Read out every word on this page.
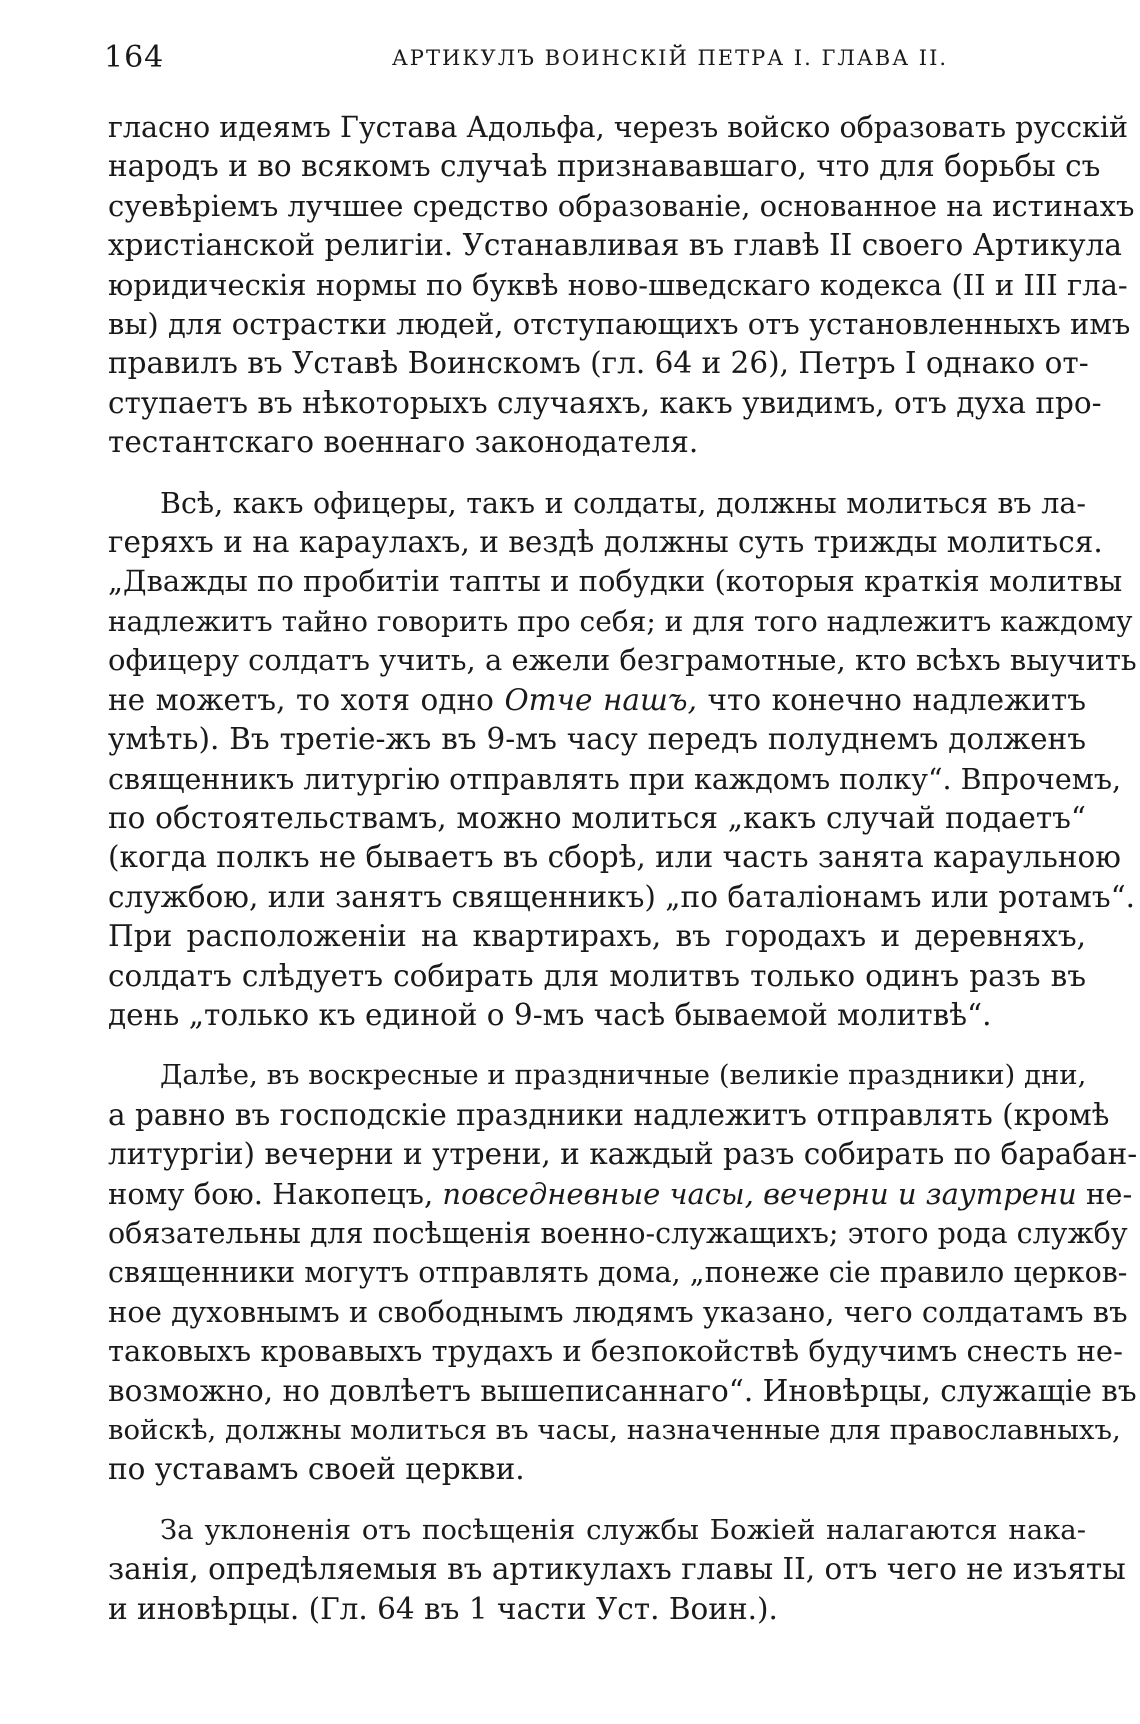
164	АРТИКУЛЪ ВОИНСКІЙ ПЕТРА I. ГЛАВА II.

гласно идеямъ Густава Адольфа, черезъ войско образовать русскій
народъ и во всякомъ случаѣ признававшаго, что для борьбы съ
суевѣріемъ лучшее средство образованіе, основанное на истинахъ
христіанской религіи. Устанавливая въ главѣ II своего Артикула
юридическія нормы по буквѣ ново-шведскаго кодекса (II и III гла-
вы) для острастки людей, отступающихъ отъ установленныхъ имъ
правилъ въ Уставѣ Воинскомъ (гл. 64 и 26), Петръ I однако от-
ступаетъ въ нѣкоторыхъ случаяхъ, какъ увидимъ, отъ духа про-
тестантскаго военнаго законодателя.

Всѣ, какъ офицеры, такъ и солдаты, должны молиться въ ла-
геряхъ и на караулахъ, и вездѣ должны суть трижды молиться.
„Дважды по пробитіи тапты и побудки (которыя краткія молитвы
надлежитъ тайно говорить про себя; и для того надлежитъ каждому
офицеру солдатъ учить, а ежели безграмотные, кто всѣхъ выучить
не можетъ, то хотя одно Отче нашъ, что конечно надлежитъ
умѣть). Въ третіе-жъ въ 9-мъ часу передъ полуднемъ долженъ
священникъ литургію отправлять при каждомъ полку“. Впрочемъ,
по обстоятельствамъ, можно молиться „какъ случай подаетъ“
(когда полкъ не бываетъ въ сборѣ, или часть занята караульною
службою, или занятъ священникъ) „по баталіонамъ или ротамъ“.
При расположеніи на квартирахъ, въ городахъ и деревняхъ,
солдатъ слѣдуетъ собирать для молитвъ только одинъ разъ въ
день „только къ единой о 9-мъ часѣ бываемой молитвѣ“.

Далѣе, въ воскресные и праздничные (великіе праздники) дни,
а равно въ господскіе праздники надлежитъ отправлять (кромѣ
литургіи) вечерни и утрени, и каждый разъ собирать по барабан-
ному бою. Накопецъ, повседневные часы, вечерни и заутрени не-
обязательны для посѣщенія военно-служащихъ; этого рода службу
священники могутъ отправлять дома, „понеже сіе правило церков-
ное духовнымъ и свободнымъ людямъ указано, чего солдатамъ въ
таковыхъ кровавыхъ трудахъ и безпокойствѣ будучимъ снесть не-
возможно, но довлѣетъ вышеписаннаго“. Иновѣрцы, служащіе въ
войскѣ, должны молиться въ часы, назначенные для православныхъ,
по уставамъ своей церкви.

За уклоненія отъ посѣщенія службы Божіей налагаются нака-
занія, опредѣляемыя въ артикулахъ главы II, отъ чего не изъяты
и иновѣрцы. (Гл. 64 въ 1 части Уст. Воин.).
